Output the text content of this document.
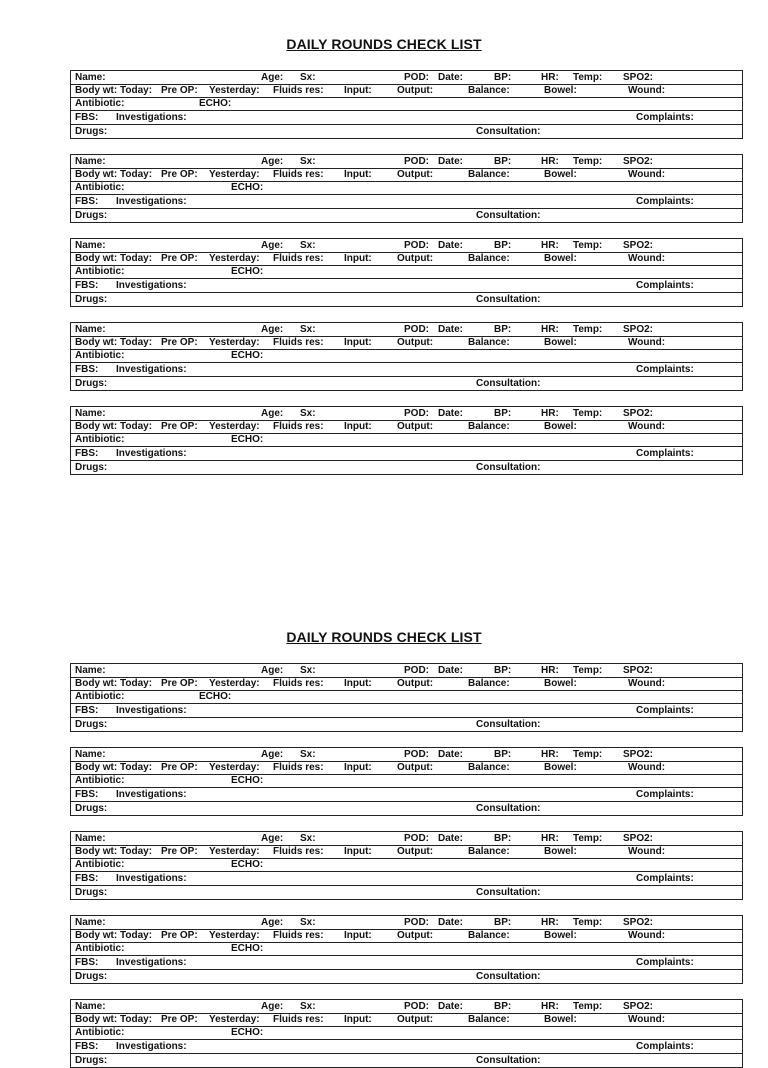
DAILY ROUNDS CHECK LIST
Name:	Age: Sx:	POD: Date:	BP:	HR: Temp: SPO2:
Body wt: Today: Pre OP: Yesterday: Fluids res: Input:	Output:	Balance:	Bowel:	Wound:
Antibiotic:	ECHO:
FBS: Investigations:	Complaints:
Drugs:	Consultation:
Name:	Age: Sx:	POD: Date:	BP:	HR: Temp: SPO2:
Body wt: Today: Pre OP: Yesterday: Fluids res: Input:	Output:	Balance:	Bowel:	Wound:
Antibiotic:	ECHO:
FBS: Investigations:	Complaints:
Drugs:	Consultation:
Name:	Age: Sx:	POD: Date:	BP:	HR: Temp: SPO2:
Body wt: Today: Pre OP: Yesterday: Fluids res: Input:	Output:	Balance:	Bowel:	Wound:
Antibiotic:	ECHO:
FBS: Investigations:	Complaints:
Drugs:	Consultation:
Name:	Age: Sx:	POD: Date:	BP:	HR: Temp: SPO2:
Body wt: Today: Pre OP: Yesterday: Fluids res: Input:	Output:	Balance:	Bowel:	Wound:
Antibiotic:	ECHO:
FBS: Investigations:	Complaints:
Drugs:	Consultation:
Name:	Age: Sx:	POD: Date:	BP:	HR: Temp: SPO2:
Body wt: Today: Pre OP: Yesterday: Fluids res: Input:	Output:	Balance:	Bowel:	Wound:
Antibiotic:	ECHO:
FBS: Investigations:	Complaints:
Drugs:	Consultation:
DAILY ROUNDS CHECK LIST
Name:	Age: Sx:	POD: Date:	BP:	HR: Temp: SPO2:
Body wt: Today: Pre OP: Yesterday: Fluids res: Input:	Output:	Balance:	Bowel:	Wound:
Antibiotic:	ECHO:
FBS: Investigations:	Complaints:
Drugs:	Consultation:
Name:	Age: Sx:	POD: Date:	BP:	HR: Temp: SPO2:
Body wt: Today: Pre OP: Yesterday: Fluids res: Input:	Output:	Balance:	Bowel:	Wound:
Antibiotic:	ECHO:
FBS: Investigations:	Complaints:
Drugs:	Consultation:
Name:	Age: Sx:	POD: Date:	BP:	HR: Temp: SPO2:
Body wt: Today: Pre OP: Yesterday: Fluids res: Input:	Output:	Balance:	Bowel:	Wound:
Antibiotic:	ECHO:
FBS: Investigations:	Complaints:
Drugs:	Consultation:
Name:	Age: Sx:	POD: Date:	BP:	HR: Temp: SPO2:
Body wt: Today: Pre OP: Yesterday: Fluids res: Input:	Output:	Balance:	Bowel:	Wound:
Antibiotic:	ECHO:
FBS: Investigations:	Complaints:
Drugs:	Consultation:
Name:	Age: Sx:	POD: Date:	BP:	HR: Temp: SPO2:
Body wt: Today: Pre OP: Yesterday: Fluids res: Input:	Output:	Balance:	Bowel:	Wound:
Antibiotic:	ECHO:
FBS: Investigations:	Complaints:
Drugs:	Consultation:
